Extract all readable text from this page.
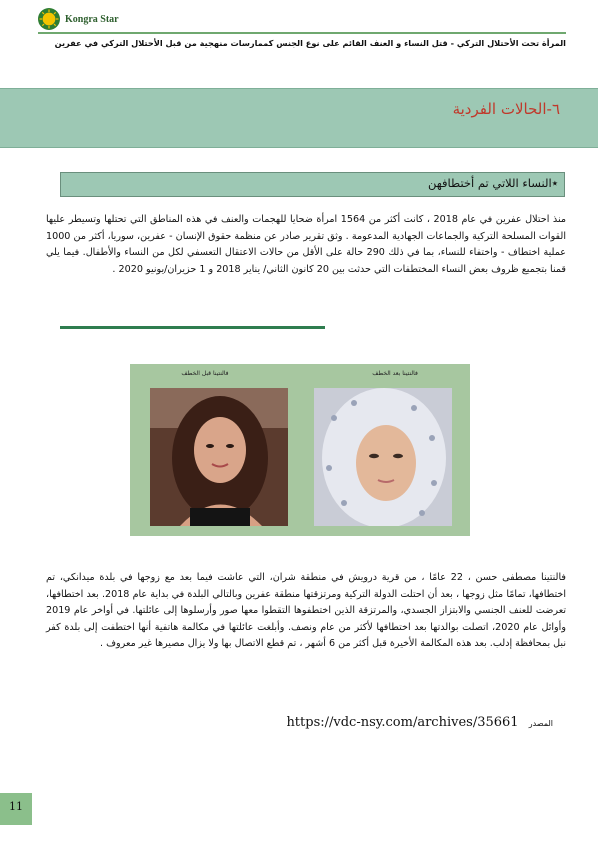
Kongra Star
المرأة تحت الأحتلال التركي - قتل النساء و العنف القائم على نوع الجنس كممارسات منهجية من قبل الأحتلال التركي في عفرين
٦-الحالات الفردية
٭النساء اللاتي تم أختطافهن
منذ احتلال عفرين في عام 2018 ، كانت أكثر من 1564 امرأة ضحايا للهجمات والعنف في هذه المناطق التي تحتلها وتسيطر عليها القوات المسلحة التركية والجماعات الجهادية المدعومة . وثق تقرير صادر عن منظمة حقوق الإنسان - عفرين، سوريا، أكثر من 1000 عملية اختطاف - واختفاء للنساء، بما في ذلك 290 حالة على الأقل من حالات الاعتقال التعسفي لكل من النساء والأطفال. فيما يلي قمنا بتجميع ظروف بعض النساء المختطفات التي حدثت بين 20 كانون الثاني/ يناير 2018 و 1 حزيران/يونيو 2020 .
فالنتينا بعد الخطف
فالنتينا قبل الخطف
فالنتينا مصطفى حسن ، 22 عامًا ، من قرية درويش في منطقة شران، التي عاشت فيما بعد مع زوجها في بلدة ميدانكي، تم اختطافها، تمامًا مثل زوجها ، بعد أن احتلت الدولة التركية ومرتزقتها منطقة عفرين وبالتالي البلدة في بداية عام 2018. بعد اختطافها، تعرضت للعنف الجنسي والابتزاز الجسدي، والمرتزقة الذين اختطفوها التقطوا معها صور وأرسلوها إلى عائلتها. في أواخر عام 2019 وأوائل عام 2020، اتصلت بوالدتها بعد اختطافها لأكثر من عام ونصف. وأبلغت عائلتها في مكالمة هاتفية أنها اختطفت إلى بلدة كفر نبل بمحافظة إدلب. بعد هذه المكالمة الأخيرة قبل أكثر من 6 أشهر ، تم قطع الاتصال بها ولا يزال مصيرها غير معروف .
المصدر https://vdc-nsy.com/archives/35661
11
